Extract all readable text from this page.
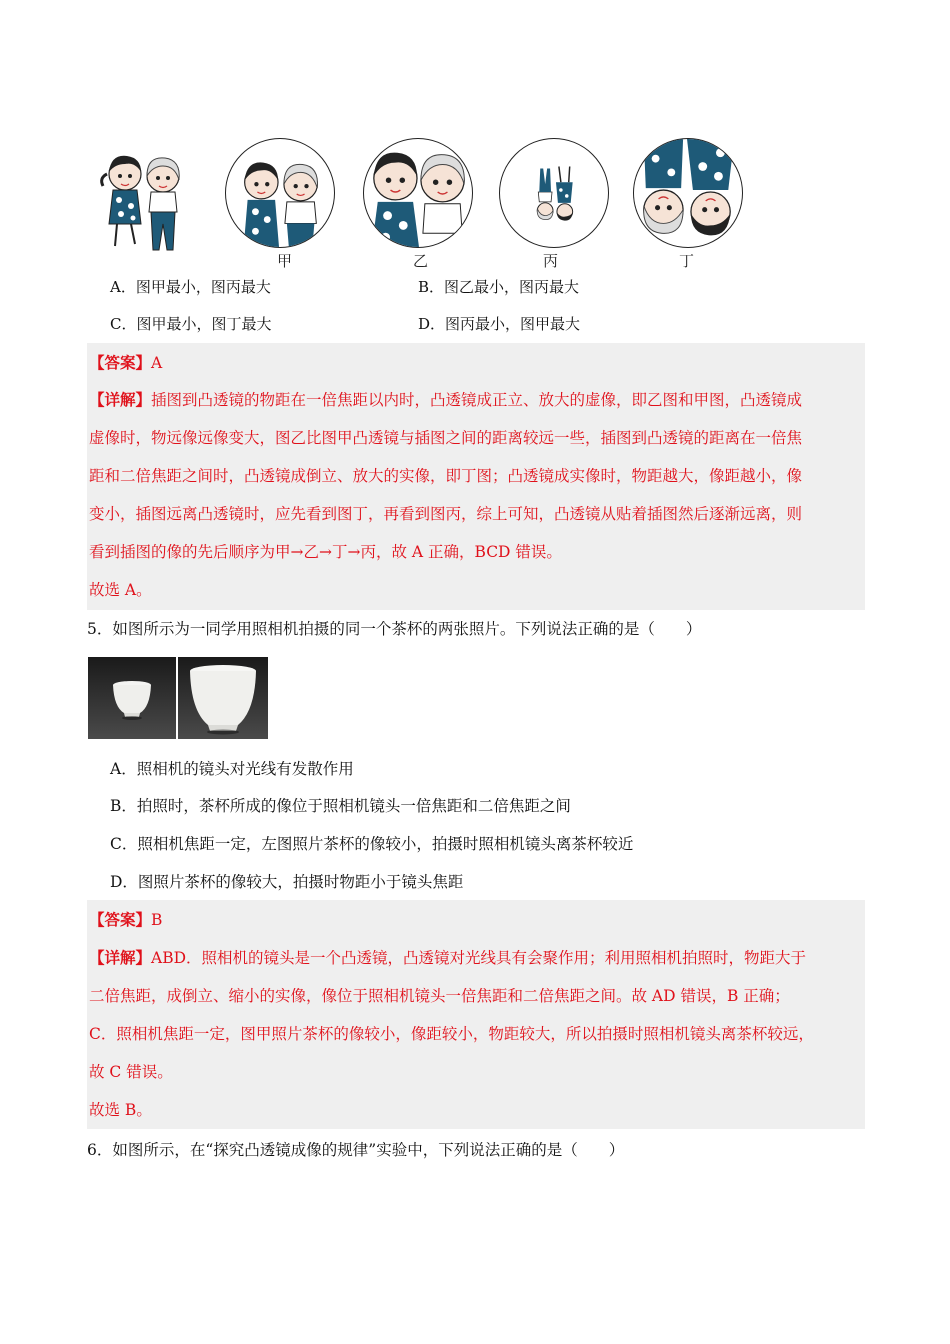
甲	乙	丙	丁
A．图甲最小，图丙最大	B．图乙最小，图丙最大
C．图甲最小，图丁最大	D．图丙最小，图甲最大
【答案】A
【详解】插图到凸透镜的物距在一倍焦距以内时，凸透镜成正立、放大的虚像，即乙图和甲图，凸透镜成
虚像时，物远像远像变大，图乙比图甲凸透镜与插图之间的距离较远一些，插图到凸透镜的距离在一倍焦
距和二倍焦距之间时，凸透镜成倒立、放大的实像，即丁图；凸透镜成实像时，物距越大，像距越小，像
变小，插图远离凸透镜时，应先看到图丁，再看到图丙，综上可知，凸透镜从贴着插图然后逐渐远离，则
看到插图的像的先后顺序为甲→乙→丁→丙，故 A 正确，BCD 错误。
故选 A。
5．如图所示为一同学用照相机拍摄的同一个茶杯的两张照片。下列说法正确的是（　　）
A．照相机的镜头对光线有发散作用
B．拍照时，茶杯所成的像位于照相机镜头一倍焦距和二倍焦距之间
C．照相机焦距一定，左图照片茶杯的像较小，拍摄时照相机镜头离茶杯较近
D．图照片茶杯的像较大，拍摄时物距小于镜头焦距
【答案】B
【详解】ABD．照相机的镜头是一个凸透镜，凸透镜对光线具有会聚作用；利用照相机拍照时，物距大于
二倍焦距，成倒立、缩小的实像，像位于照相机镜头一倍焦距和二倍焦距之间。故 AD 错误，B 正确；
C．照相机焦距一定，图甲照片茶杯的像较小，像距较小，物距较大，所以拍摄时照相机镜头离茶杯较远，
故 C 错误。
故选 B。
6．如图所示，在“探究凸透镜成像的规律”实验中，下列说法正确的是（　　）
